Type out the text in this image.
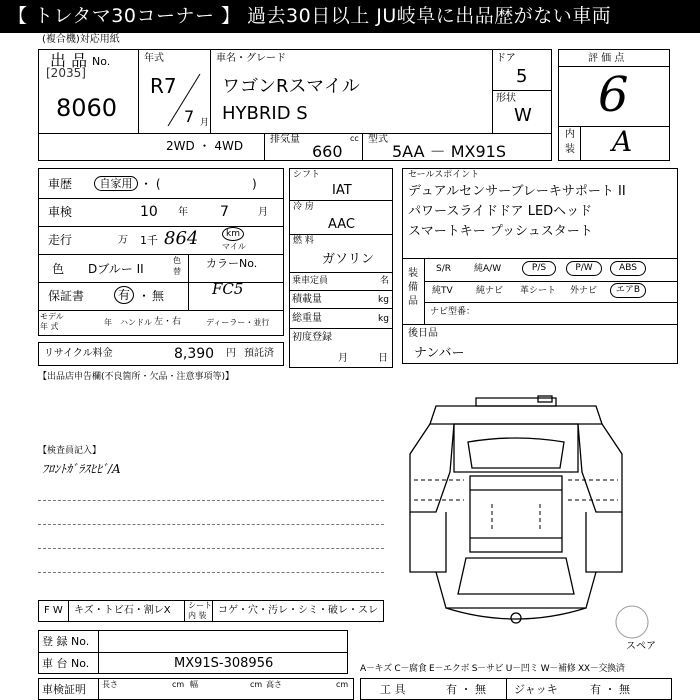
【 トレタマ30コーナー 】 過去30日以上 JU岐阜に出品歴がない車両
(複合機)対応用紙
出 品 No.
[2035]
8060
年式
R7
7 月
車名・グレード
ワゴンRスマイル
HYBRID S
ドア
5
形状
W
2WD ・ 4WD	排気量	cc
660
型式
5AA － MX91S
評 価 点
6
内
装 A
車歴	自家用 ・ (	)
車検	10 年 7	月
走行	万 1千 864	km
マイル
色 Dブルー II
色
替
カラーNo.
FC5
保証書	有 ・ 無
モデル
年 式	年 ハンドル 左・右	ディーラー・並行
シフト
IAT
冷 房
AAC
燃 料
ガソリン
乗車定員	名
積載量	kg
総重量	kg
初度登録
月	日
セールスポイント
デュアルセンサーブレーキサポート II
パワースライドドア LEDヘッド
スマートキー プッシュスタート
装
備
品
S/R	純A/W	P/S	P/W	ABS
純TV	純ナビ 革シート 外ナビ	エアB
ナビ型番：
後日品
ナンバー
リサイクル料金	8,390 円 預託済
【出品店申告欄(不良箇所・欠品・注意事項等)】
【検査員記入】
ﾌﾛﾝﾄｶﾞﾗｽﾋﾋﾞ/A
スペア
F W キズ・トビ石・割レX シート
内 装 コゲ・穴・汚レ・シミ・破レ・スレ
登 録 No.
車 台 No.	MX91S-308956
車検証明 長さ	cm 幅	cm 高さ	cm
A－キズ C－腐食 E－エクボ S－サビ U－凹ミ W－補修 XX－交換済
工 具	有 ・ 無	ジャッキ	有 ・ 無
